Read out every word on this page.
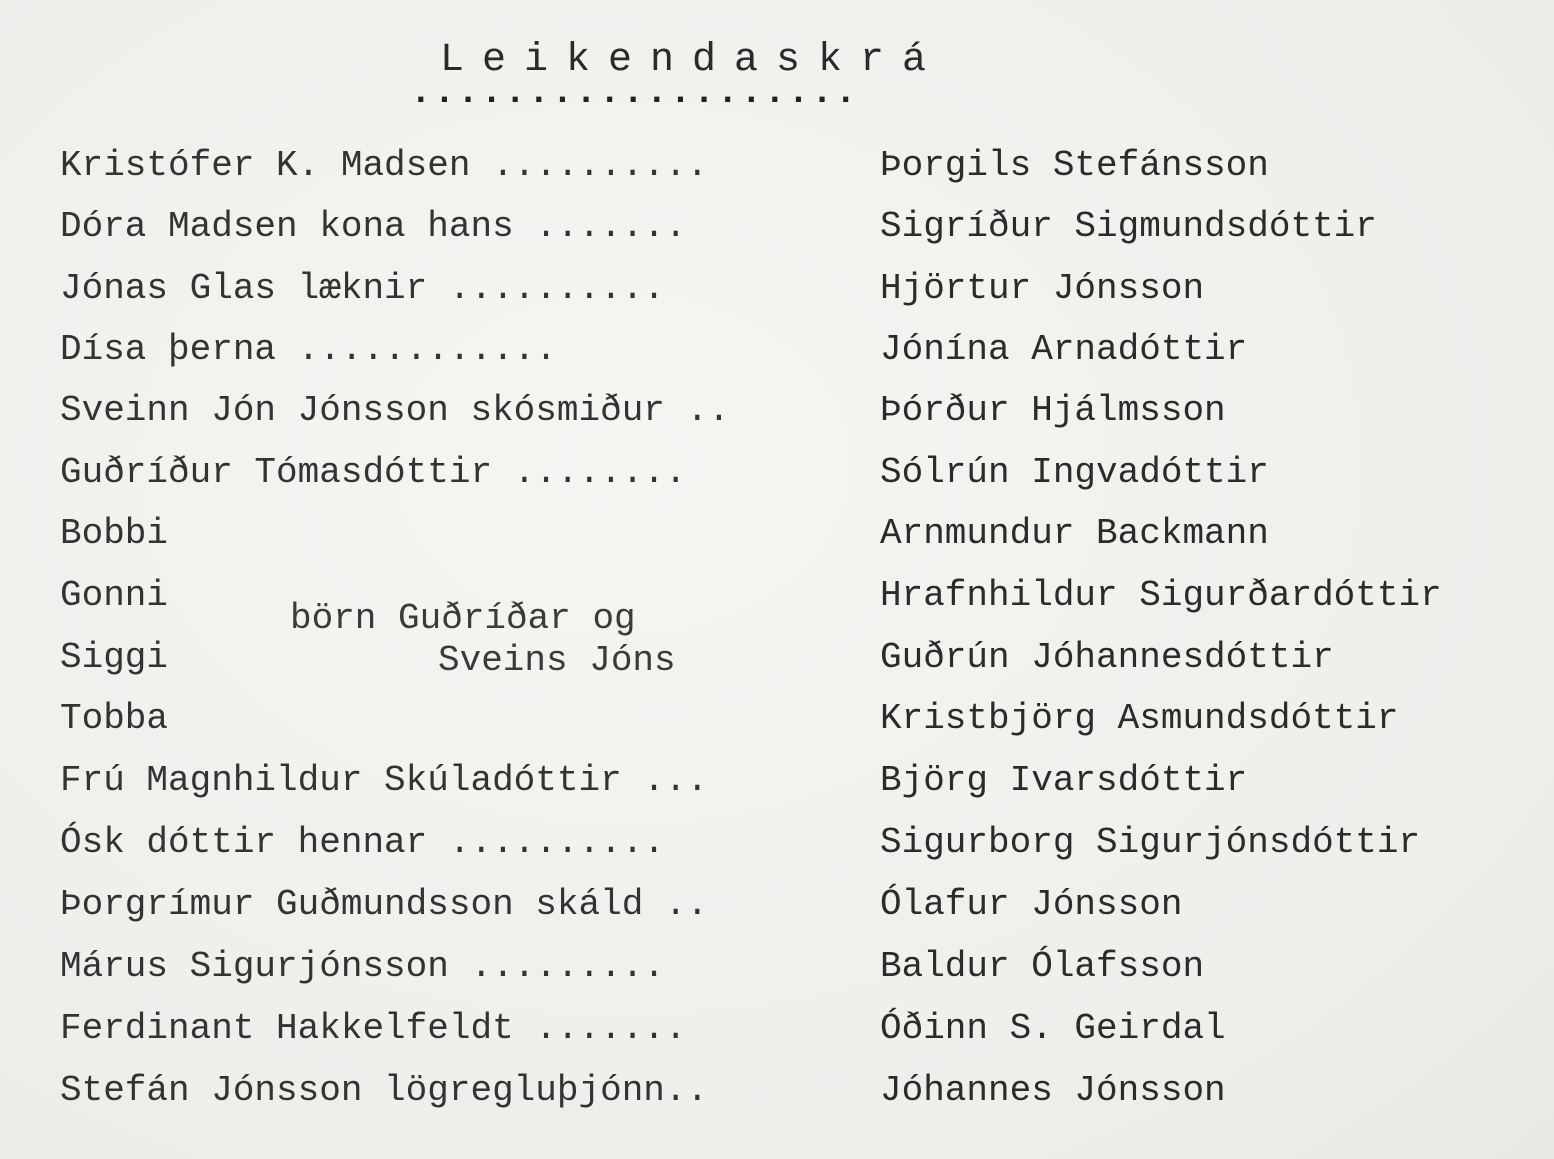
Leikendaskrá
...................
Kristófer K. Madsen ..........	Þorgils Stefánsson
Dóra Madsen kona hans .......	Sigríður Sigmundsdóttir
Jónas Glas læknir ..........	Hjörtur Jónsson
Dísa þerna ............	Jónína Arnadóttir
Sveinn Jón Jónsson skósmiður ..	Þórður Hjálmsson
Guðríður Tómasdóttir ........	Sólrún Ingvadóttir
Bobbi	Arnmundur Backmann
Gonni	Hrafnhildur Sigurðardóttir
Siggi	Guðrún Jóhannesdóttir
Tobba	Kristbjörg Asmundsdóttir
Frú Magnhildur Skúladóttir ...	Björg Ivarsdóttir
Ósk dóttir hennar ..........	Sigurborg Sigurjónsdóttir
Þorgrímur Guðmundsson skáld ..	Ólafur Jónsson
Márus Sigurjónsson .........	Baldur Ólafsson
Ferdinant Hakkelfeldt .......	Óðinn S. Geirdal
Stefán Jónsson lögregluþjónn..	Jóhannes Jónsson
börn Guðríðar og
Sveins Jóns
